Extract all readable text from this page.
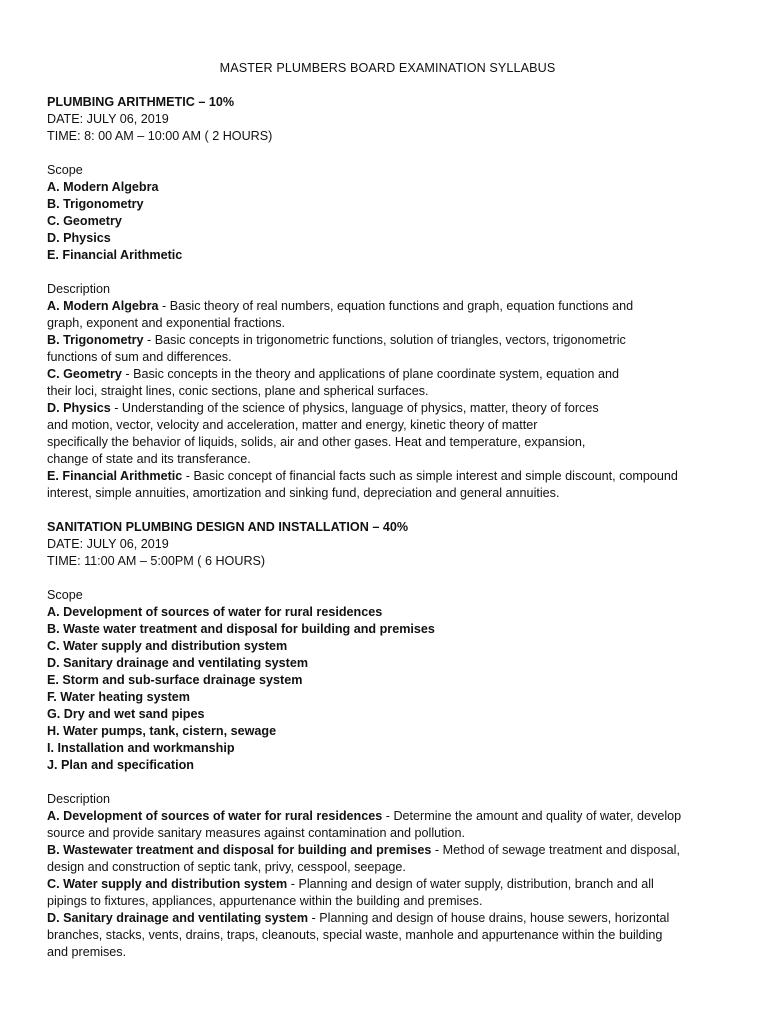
MASTER PLUMBERS BOARD EXAMINATION SYLLABUS
PLUMBING ARITHMETIC – 10%
DATE: JULY 06, 2019
TIME: 8: 00 AM – 10:00 AM ( 2 HOURS)
Scope
A. Modern Algebra
B. Trigonometry
C. Geometry
D. Physics
E. Financial Arithmetic
Description
A. Modern Algebra - Basic theory of real numbers, equation functions and graph, equation functions and
graph, exponent and exponential fractions.
B. Trigonometry - Basic concepts in trigonometric functions, solution of triangles, vectors, trigonometric
functions of sum and differences.
C. Geometry - Basic concepts in the theory and applications of plane coordinate system, equation and
their loci, straight lines, conic sections, plane and spherical surfaces.
D. Physics - Understanding of the science of physics, language of physics, matter, theory of forces
and motion, vector, velocity and acceleration, matter and energy, kinetic theory of matter
specifically the behavior of liquids, solids, air and other gases. Heat and temperature, expansion,
change of state and its transferance.
E. Financial Arithmetic - Basic concept of financial facts such as simple interest and simple discount, compound
interest, simple annuities, amortization and sinking fund, depreciation and general annuities.
SANITATION PLUMBING DESIGN AND INSTALLATION – 40%
DATE: JULY 06, 2019
TIME: 11:00 AM – 5:00PM ( 6 HOURS)
Scope
A. Development of sources of water for rural residences
B. Waste water treatment and disposal for building and premises
C. Water supply and distribution system
D. Sanitary drainage and ventilating system
E. Storm and sub-surface drainage system
F. Water heating system
G. Dry and wet sand pipes
H. Water pumps, tank, cistern, sewage
I. Installation and workmanship
J. Plan and specification
Description
A. Development of sources of water for rural residences - Determine the amount and quality of water, develop
source and provide sanitary measures against contamination and pollution.
B. Wastewater treatment and disposal for building and premises - Method of sewage treatment and disposal,
design and construction of septic tank, privy, cesspool, seepage.
C. Water supply and distribution system - Planning and design of water supply, distribution, branch and all
pipings to fixtures, appliances, appurtenance within the building and premises.
D. Sanitary drainage and ventilating system - Planning and design of house drains, house sewers, horizontal
branches, stacks, vents, drains, traps, cleanouts, special waste, manhole and appurtenance within the building
and premises.
